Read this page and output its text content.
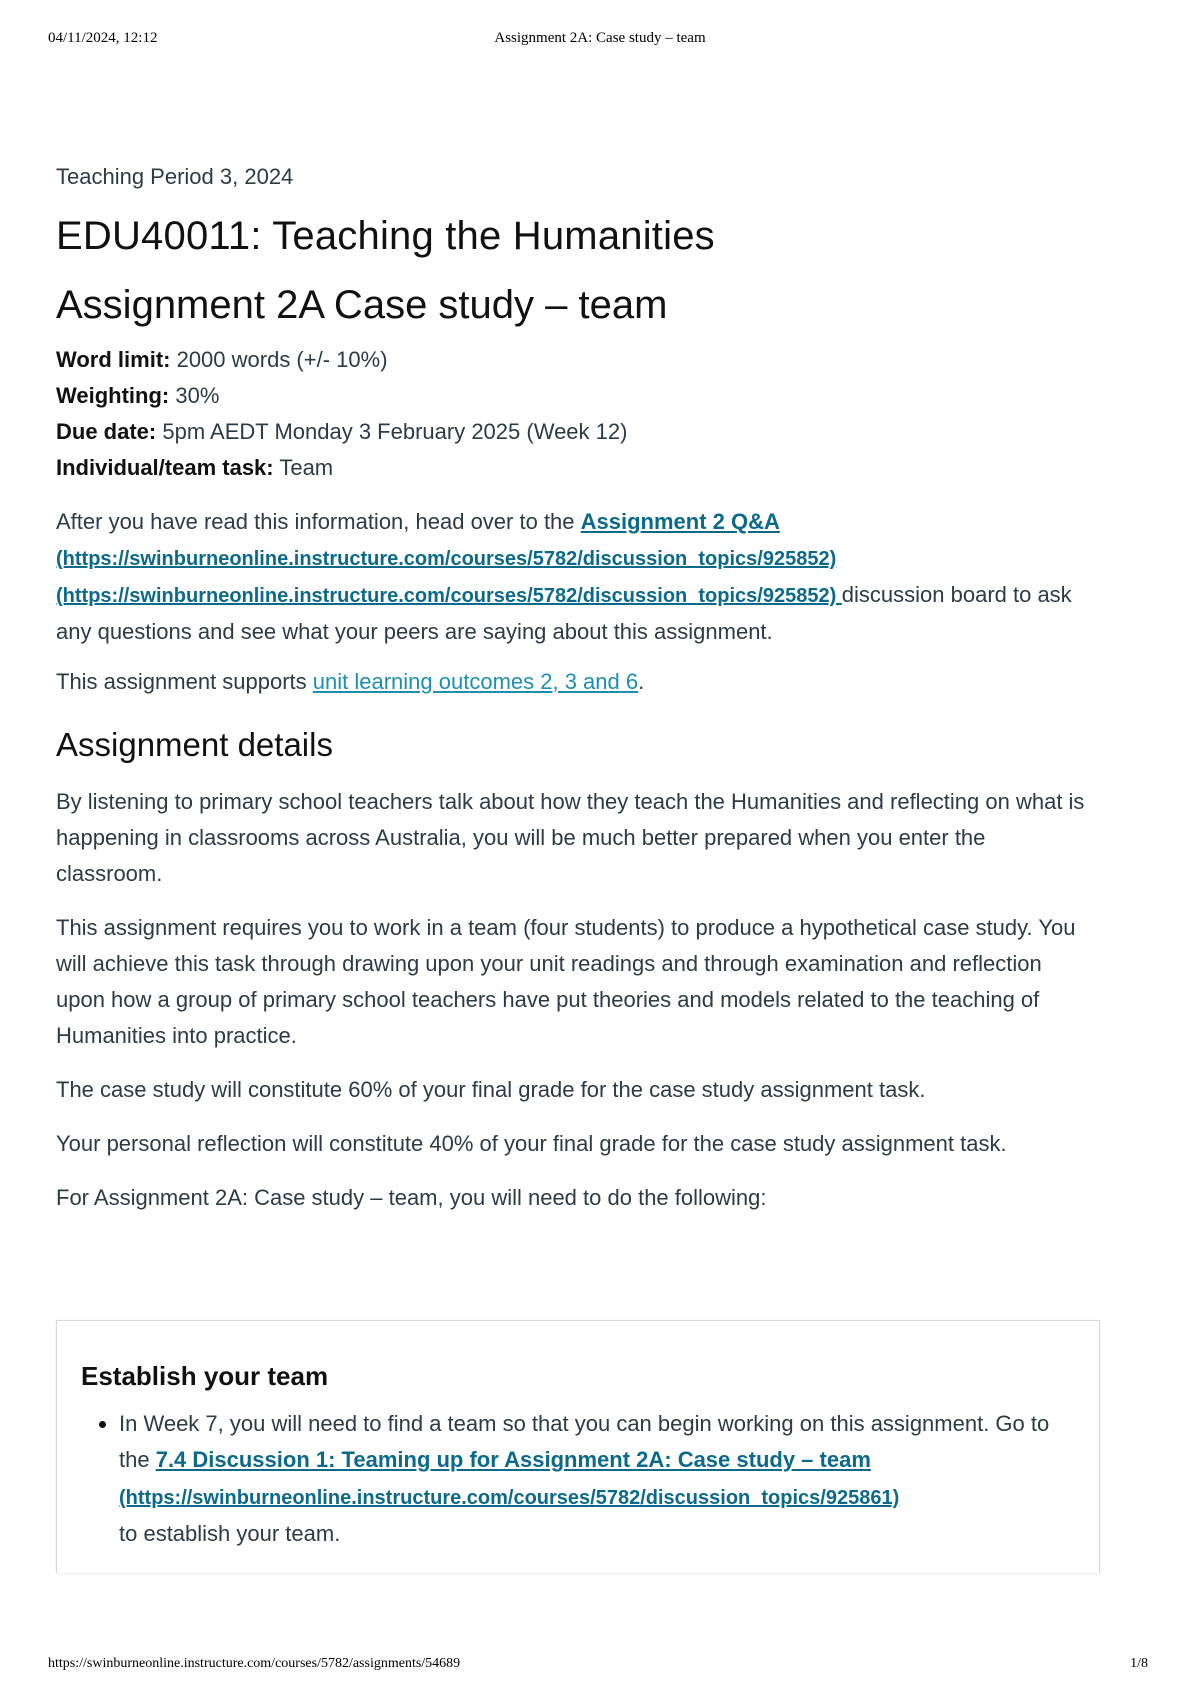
04/11/2024, 12:12	Assignment 2A: Case study – team
Teaching Period 3, 2024
EDU40011: Teaching the Humanities
Assignment 2A Case study – team
Word limit: 2000 words (+/- 10%)
Weighting: 30%
Due date: 5pm AEDT Monday 3 February 2025 (Week 12)
Individual/team task: Team

After you have read this information, head over to the Assignment 2 Q&A
(https://swinburneonline.instructure.com/courses/5782/discussion_topics/925852)
(https://swinburneonline.instructure.com/courses/5782/discussion_topics/925852) discussion board to ask any questions and see what your peers are saying about this assignment.

This assignment supports unit learning outcomes 2, 3 and 6.

Assignment details

By listening to primary school teachers talk about how they teach the Humanities and reflecting on what is happening in classrooms across Australia, you will be much better prepared when you enter the classroom.

This assignment requires you to work in a team (four students) to produce a hypothetical case study. You will achieve this task through drawing upon your unit readings and through examination and reflection upon how a group of primary school teachers have put theories and models related to the teaching of Humanities into practice.

The case study will constitute 60% of your final grade for the case study assignment task.

Your personal reflection will constitute 40% of your final grade for the case study assignment task.

For Assignment 2A: Case study – team, you will need to do the following:

Establish your team
• In Week 7, you will need to find a team so that you can begin working on this assignment. Go to the 7.4 Discussion 1: Teaming up for Assignment 2A: Case study – team (https://swinburneonline.instructure.com/courses/5782/discussion_topics/925861)
to establish your team.
https://swinburneonline.instructure.com/courses/5782/assignments/54689	1/8
